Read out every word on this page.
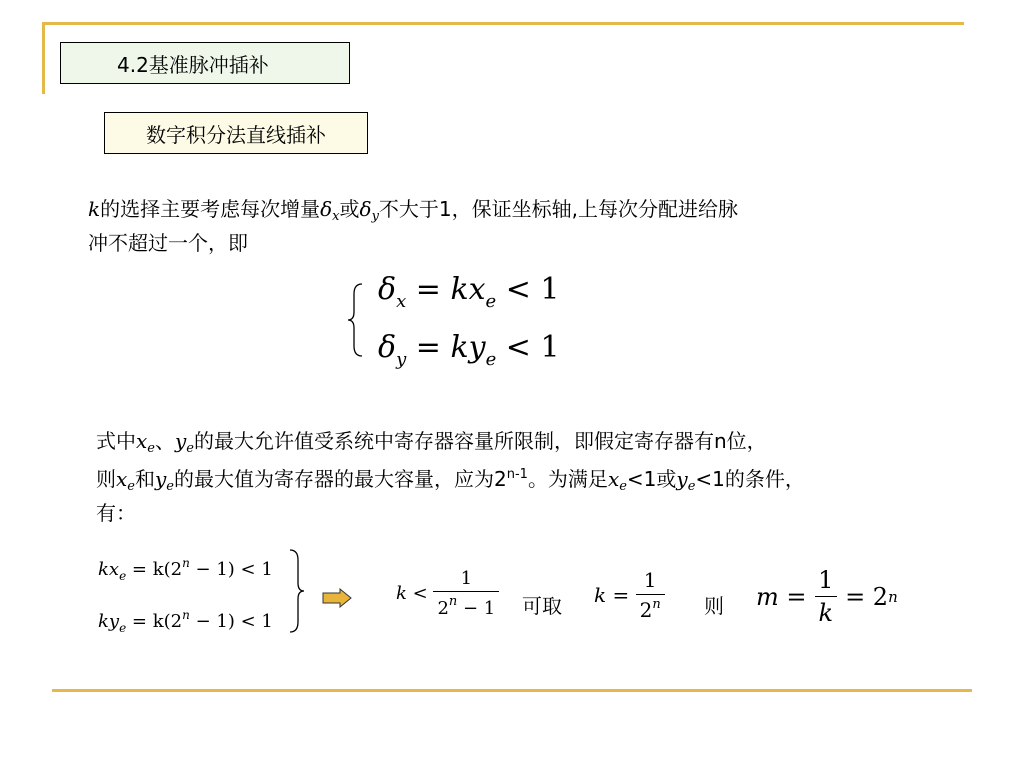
4.2基准脉冲插补
数字积分法直线插补
k的选择主要考虑每次增量$\delta_x$或$\delta_y$不大于1，保证坐标轴,上每次分配进给脉
冲不超过一个，即
$\delta_x = kx_e < 1$
$\delta_y = ky_e < 1$
式中$x_e$、$y_e$的最大允许值受系统中寄存器容量所限制，即假定寄存器有n位，
则$x_e$和$y_e$的最大值为寄存器的最大容量，应为2$^{n-1}$。为满足$x_e<1$或$y_e<1$的条件，
有：
$kx_e = k(2^n - 1) < 1$
$ky_e = k(2^n - 1) < 1$
k <
$\frac{1}{2^n - 1}$ 可取 k =
$\frac{1}{2^n}$ 则 m =
$\frac{1}{k}$
= 2 n
